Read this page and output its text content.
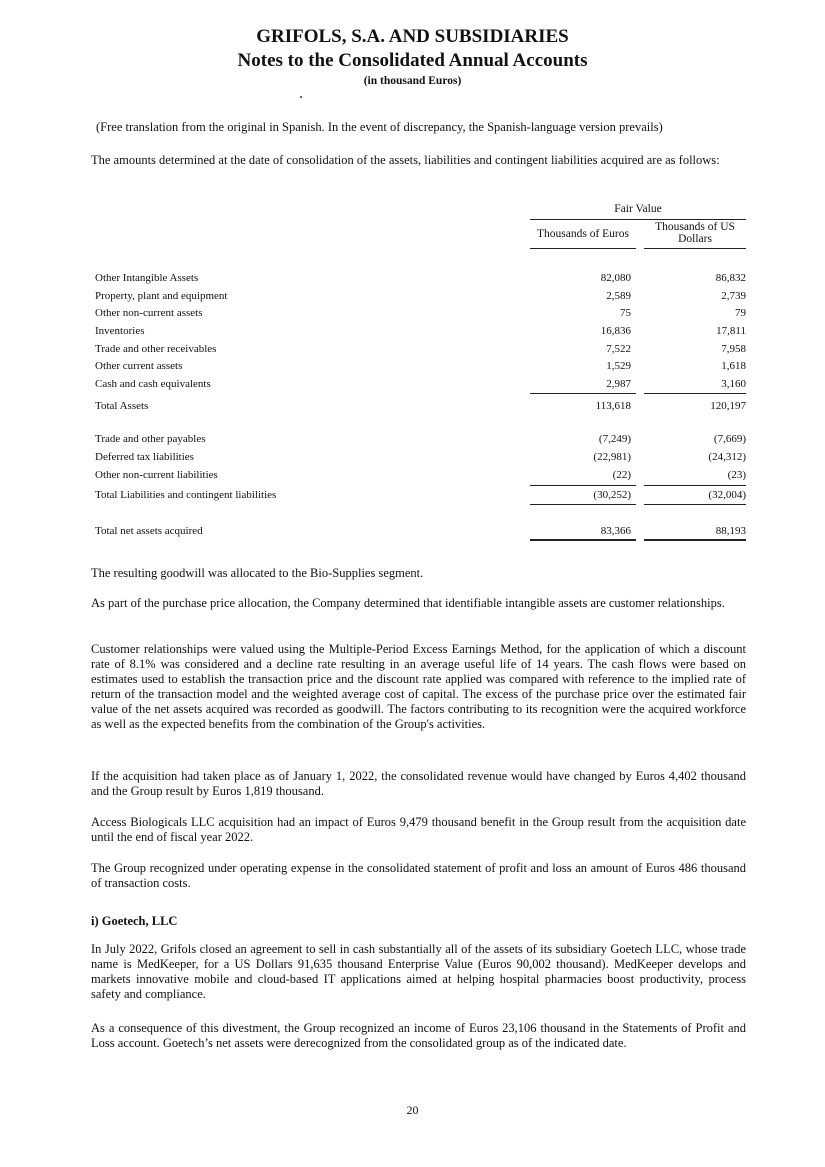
GRIFOLS, S.A. AND SUBSIDIARIES
Notes to the Consolidated Annual Accounts
(in thousand Euros)
(Free translation from the original in Spanish. In the event of discrepancy, the Spanish-language version prevails)
The amounts determined at the date of consolidation of the assets, liabilities and contingent liabilities acquired are as follows:
Fair Value
Thousands of Euros
Thousands of US Dollars
Other Intangible Assets	82,080	86,832
Property, plant and equipment	2,589	2,739
Other non-current assets	75	79
Inventories	16,836	17,811
Trade and other receivables	7,522	7,958
Other current assets	1,529	1,618
Cash and cash equivalents	2,987	3,160
Total Assets	113,618	120,197
Trade and other payables	(7,249)	(7,669)
Deferred tax liabilities	(22,981)	(24,312)
Other non-current liabilities	(22)	(23)
Total Liabilities and contingent liabilities	(30,252)	(32,004)
Total net assets acquired	83,366	88,193
The resulting goodwill was allocated to the Bio-Supplies segment.
As part of the purchase price allocation, the Company determined that identifiable intangible assets are customer relationships.
Customer relationships were valued using the Multiple-Period Excess Earnings Method, for the application of which a discount rate of 8.1% was considered and a decline rate resulting in an average useful life of 14 years. The cash flows were based on estimates used to establish the transaction price and the discount rate applied was compared with reference to the implied rate of return of the transaction model and the weighted average cost of capital. The excess of the purchase price over the estimated fair value of the net assets acquired was recorded as goodwill. The factors contributing to its recognition were the acquired workforce as well as the expected benefits from the combination of the Group's activities.
If the acquisition had taken place as of January 1, 2022, the consolidated revenue would have changed by Euros 4,402 thousand and the Group result by Euros 1,819 thousand.
Access Biologicals LLC acquisition had an impact of Euros 9,479 thousand benefit in the Group result from the acquisition date until the end of fiscal year 2022.
The Group recognized under operating expense in the consolidated statement of profit and loss an amount of Euros 486 thousand of transaction costs.
i) Goetech, LLC
In July 2022, Grifols closed an agreement to sell in cash substantially all of the assets of its subsidiary Goetech LLC, whose trade name is MedKeeper, for a US Dollars 91,635 thousand Enterprise Value (Euros 90,002 thousand). MedKeeper develops and markets innovative mobile and cloud-based IT applications aimed at helping hospital pharmacies boost productivity, process safety and compliance.
As a consequence of this divestment, the Group recognized an income of Euros 23,106 thousand in the Statements of Profit and Loss account. Goetech’s net assets were derecognized from the consolidated group as of the indicated date.
20
